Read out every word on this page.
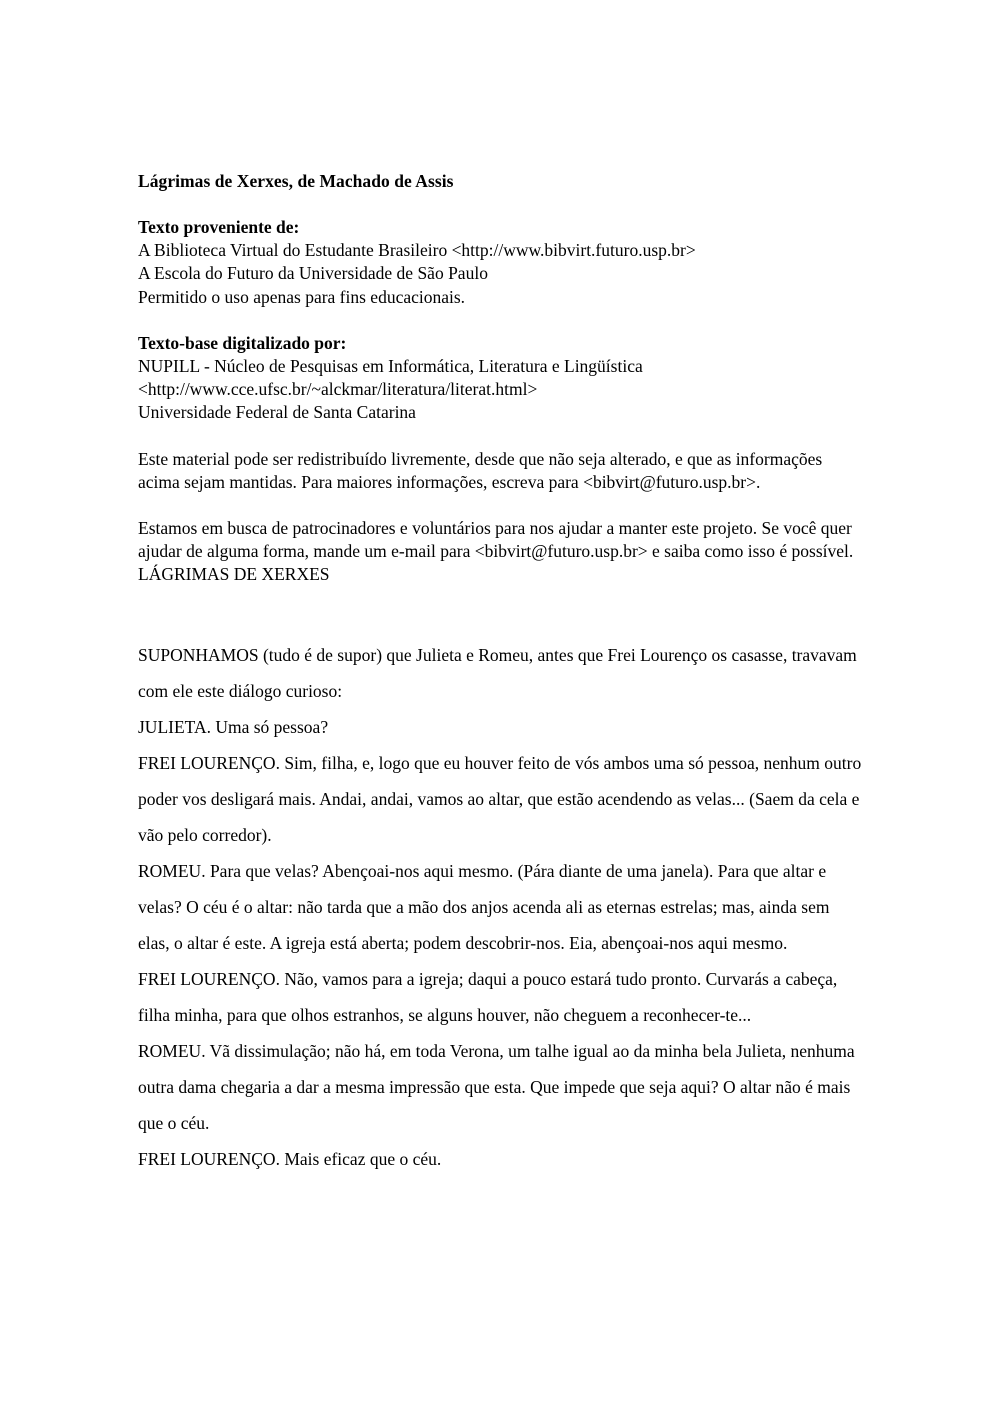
Lágrimas de Xerxes, de Machado de Assis
Texto proveniente de:
A Biblioteca Virtual do Estudante Brasileiro <http://www.bibvirt.futuro.usp.br>
A Escola do Futuro da Universidade de São Paulo
Permitido o uso apenas para fins educacionais.
Texto-base digitalizado por:
NUPILL - Núcleo de Pesquisas em Informática, Literatura e Lingüística
<http://www.cce.ufsc.br/~alckmar/literatura/literat.html>
Universidade Federal de Santa Catarina

Este material pode ser redistribuído livremente, desde que não seja alterado, e que as informações acima sejam mantidas. Para maiores informações, escreva para <bibvirt@futuro.usp.br>.

Estamos em busca de patrocinadores e voluntários para nos ajudar a manter este projeto. Se você quer ajudar de alguma forma, mande um e-mail para <bibvirt@futuro.usp.br> e saiba como isso é possível.

LÁGRIMAS DE XERXES

SUPONHAMOS (tudo é de supor) que Julieta e Romeu, antes que Frei Lourenço os casasse, travavam com ele este diálogo curioso:

JULIETA. Uma só pessoa?

FREI LOURENÇO. Sim, filha, e, logo que eu houver feito de vós ambos uma só pessoa, nenhum outro poder vos desligará mais. Andai, andai, vamos ao altar, que estão acendendo as velas... (Saem da cela e vão pelo corredor).

ROMEU. Para que velas? Abençoai-nos aqui mesmo. (Pára diante de uma janela). Para que altar e velas? O céu é o altar: não tarda que a mão dos anjos acenda ali as eternas estrelas; mas, ainda sem elas, o altar é este. A igreja está aberta; podem descobrir-nos. Eia, abençoai-nos aqui mesmo.

FREI LOURENÇO. Não, vamos para a igreja; daqui a pouco estará tudo pronto. Curvarás a cabeça, filha minha, para que olhos estranhos, se alguns houver, não cheguem a reconhecer-te...

ROMEU. Vã dissimulação; não há, em toda Verona, um talhe igual ao da minha bela Julieta, nenhuma outra dama chegaria a dar a mesma impressão que esta. Que impede que seja aqui? O altar não é mais que o céu.

FREI LOURENÇO. Mais eficaz que o céu.
